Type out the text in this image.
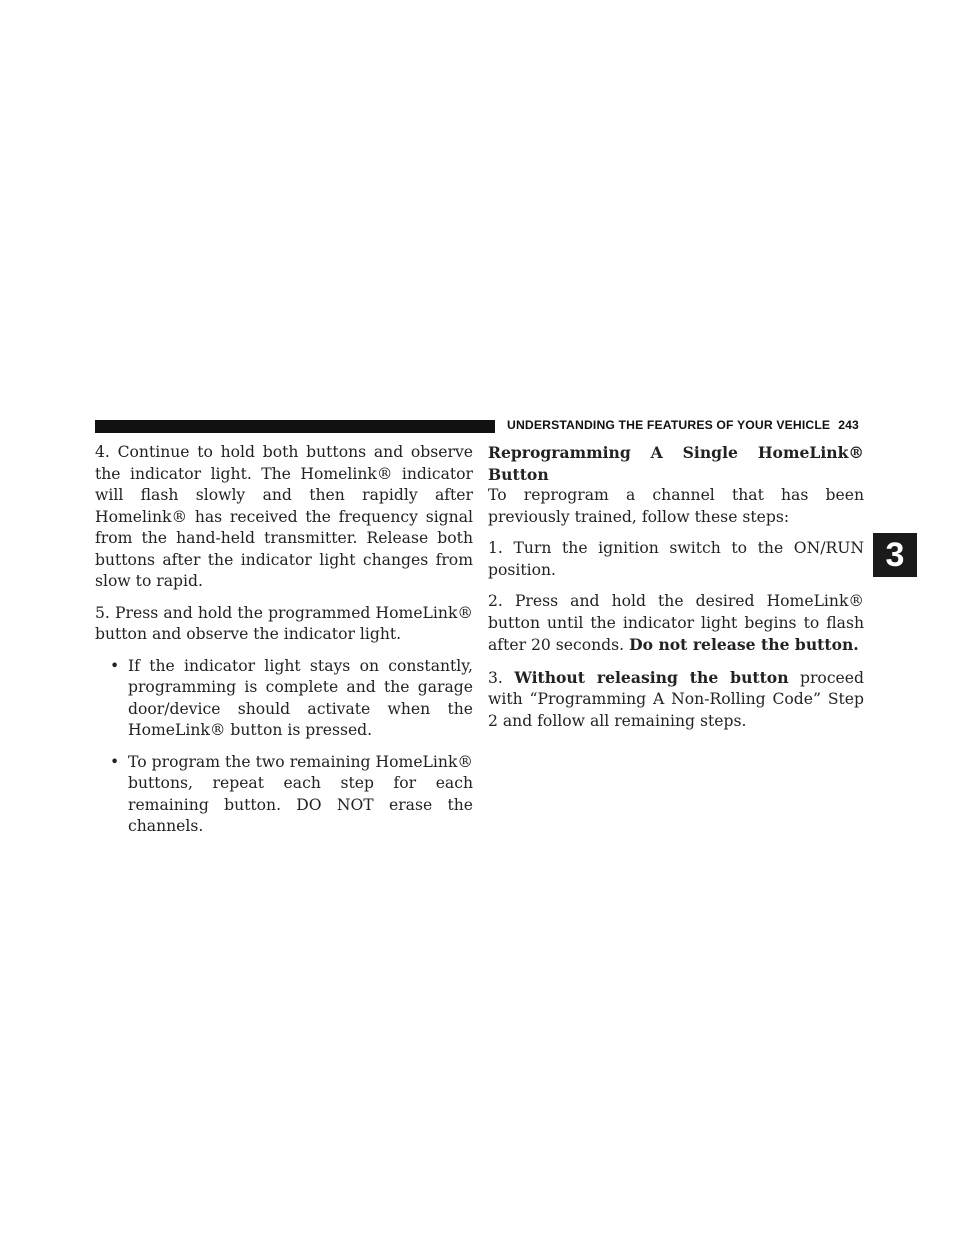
UNDERSTANDING THE FEATURES OF YOUR VEHICLE 243
3

4. Continue to hold both buttons and observe the indicator light. The Homelink® indicator will flash slowly and then rapidly after Homelink® has received the frequency signal from the hand-held transmitter. Release both buttons after the indicator light changes from slow to rapid.

5. Press and hold the programmed HomeLink® button and observe the indicator light.

• If the indicator light stays on constantly, programming is complete and the garage door/device should activate when the HomeLink® button is pressed.
• To program the two remaining HomeLink® buttons, repeat each step for each remaining button. DO NOT erase the channels.

Reprogramming A Single HomeLink® Button

To reprogram a channel that has been previously trained, follow these steps:

1. Turn the ignition switch to the ON/RUN position.

2. Press and hold the desired HomeLink® button until the indicator light begins to flash after 20 seconds. Do not release the button.

3. Without releasing the button proceed with “Programming A Non-Rolling Code” Step 2 and follow all remaining steps.
